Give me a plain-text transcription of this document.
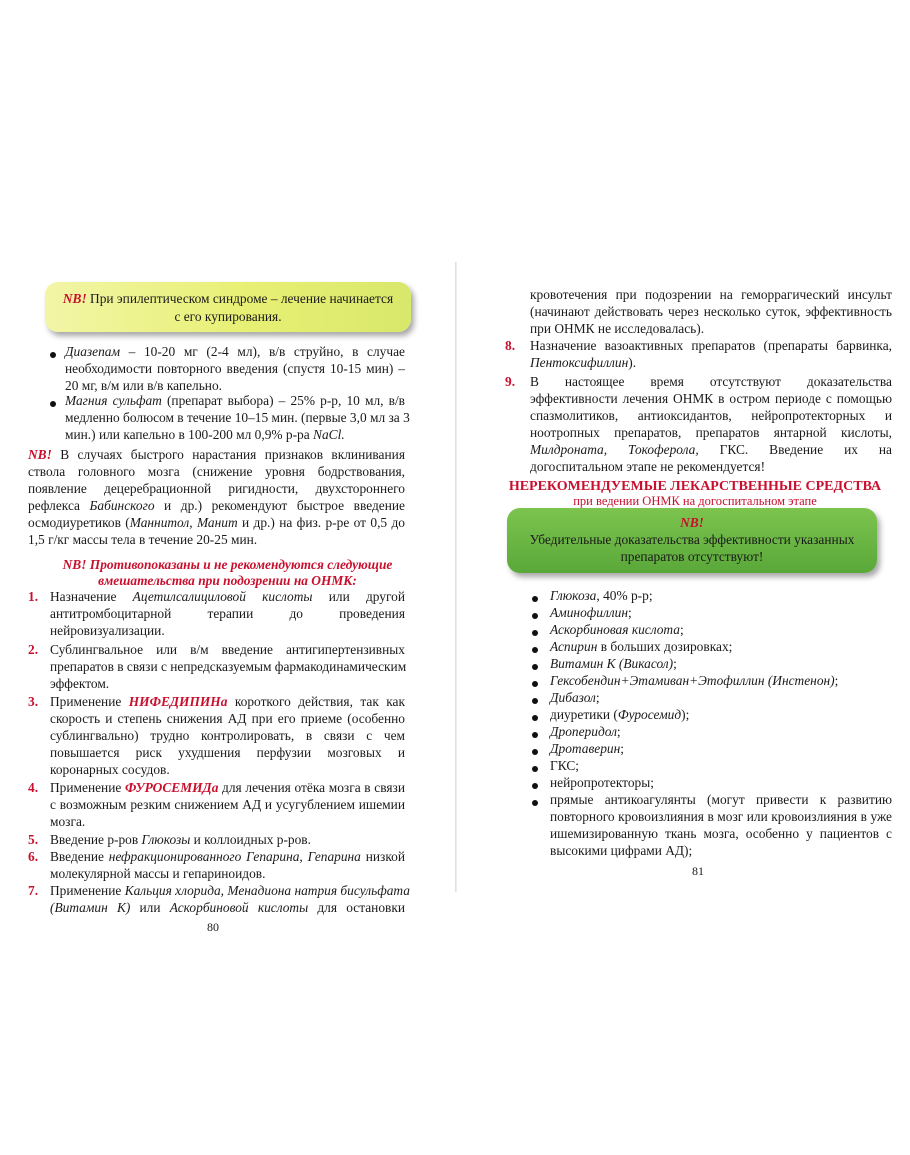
NB! При эпилептическом синдроме – лечение начинается
с его купирования.
Диазепам – 10-20 мг (2-4 мл), в/в струйно, в случае
необходимости повторного введения (спустя 10-15 мин) –
20 мг, в/м или в/в капельно.
Магния сульфат (препарат выбора) – 25% р-р, 10 мл, в/в
медленно болюсом в течение 10–15 мин. (первые 3,0 мл за 3
мин.) или капельно в 100-200 мл 0,9% р-ра NaCl.
NB! В случаях быстрого нарастания признаков вклинивания
ствола головного мозга (снижение уровня бодрствования,
появление децеребрационной ригидности, двухстороннего
рефлекса Бабинского и др.) рекомендуют быстрое введение
осмодиуретиков (Маннитол, Манит и др.) на физ. р-ре от 0,5 до
1,5 г/кг массы тела в течение 20-25 мин.
NB! Противопоказаны и не рекомендуются следующие
вмешательства при подозрении на ОНМК:
1. Назначение Ацетилсалициловой кислоты или другой
антитромбоцитарной терапии до проведения
нейровизуализации.
2. Сублингвальное или в/м введение антигипертензивных
препаратов в связи с непредсказуемым фармакодинамическим
эффектом.
3. Применение НИФЕДИПИНа короткого действия, так как
скорость и степень снижения АД при его приеме (особенно
сублингвально) трудно контролировать, в связи с чем
повышается риск ухудшения перфузии мозговых и
коронарных сосудов.
4. Применение ФУРОСЕМИДа для лечения отёка мозга в связи
с возможным резким снижением АД и усугублением ишемии
мозга.
5. Введение р-ров Глюкозы и коллоидных р-ров.
6. Введение нефракционированного Гепарина, Гепарина низкой
молекулярной массы и гепариноидов.
7. Применение Кальция хлорида, Менадиона натрия бисульфата
(Витамин К) или Аскорбиновой кислоты для остановки
80
кровотечения при подозрении на геморрагический инсульт
(начинают действовать через несколько суток, эффективность
при ОНМК не исследовалась).
8. Назначение вазоактивных препаратов (препараты барвинка,
Пентоксифиллин).
9. В настоящее время отсутствуют доказательства
эффективности лечения ОНМК в остром периоде с помощью
спазмолитиков, антиоксидантов, нейропротекторных и
ноотропных препаратов, препаратов янтарной кислоты,
Милдроната, Токоферола, ГКС. Введение их на
догоспитальном этапе не рекомендуется!
НЕРЕКОМЕНДУЕМЫЕ ЛЕКАРСТВЕННЫЕ СРЕДСТВА
при ведении ОНМК на догоспитальном этапе
NB!
Убедительные доказательства эффективности указанных
препаратов отсутствуют!
Глюкоза, 40% р-р;
Аминофиллин;
Аскорбиновая кислота;
Аспирин в больших дозировках;
Витамин К (Викасол);
Гексобендин+Этамиван+Этофиллин (Инстенон);
Дибазол;
диуретики (Фуросемид);
Дроперидол;
Дротаверин;
ГКС;
нейропротекторы;
прямые антикоагулянты (могут привести к развитию
повторного кровоизлияния в мозг или кровоизлияния в уже
ишемизированную ткань мозга, особенно у пациентов с
высокими цифрами АД);
81
